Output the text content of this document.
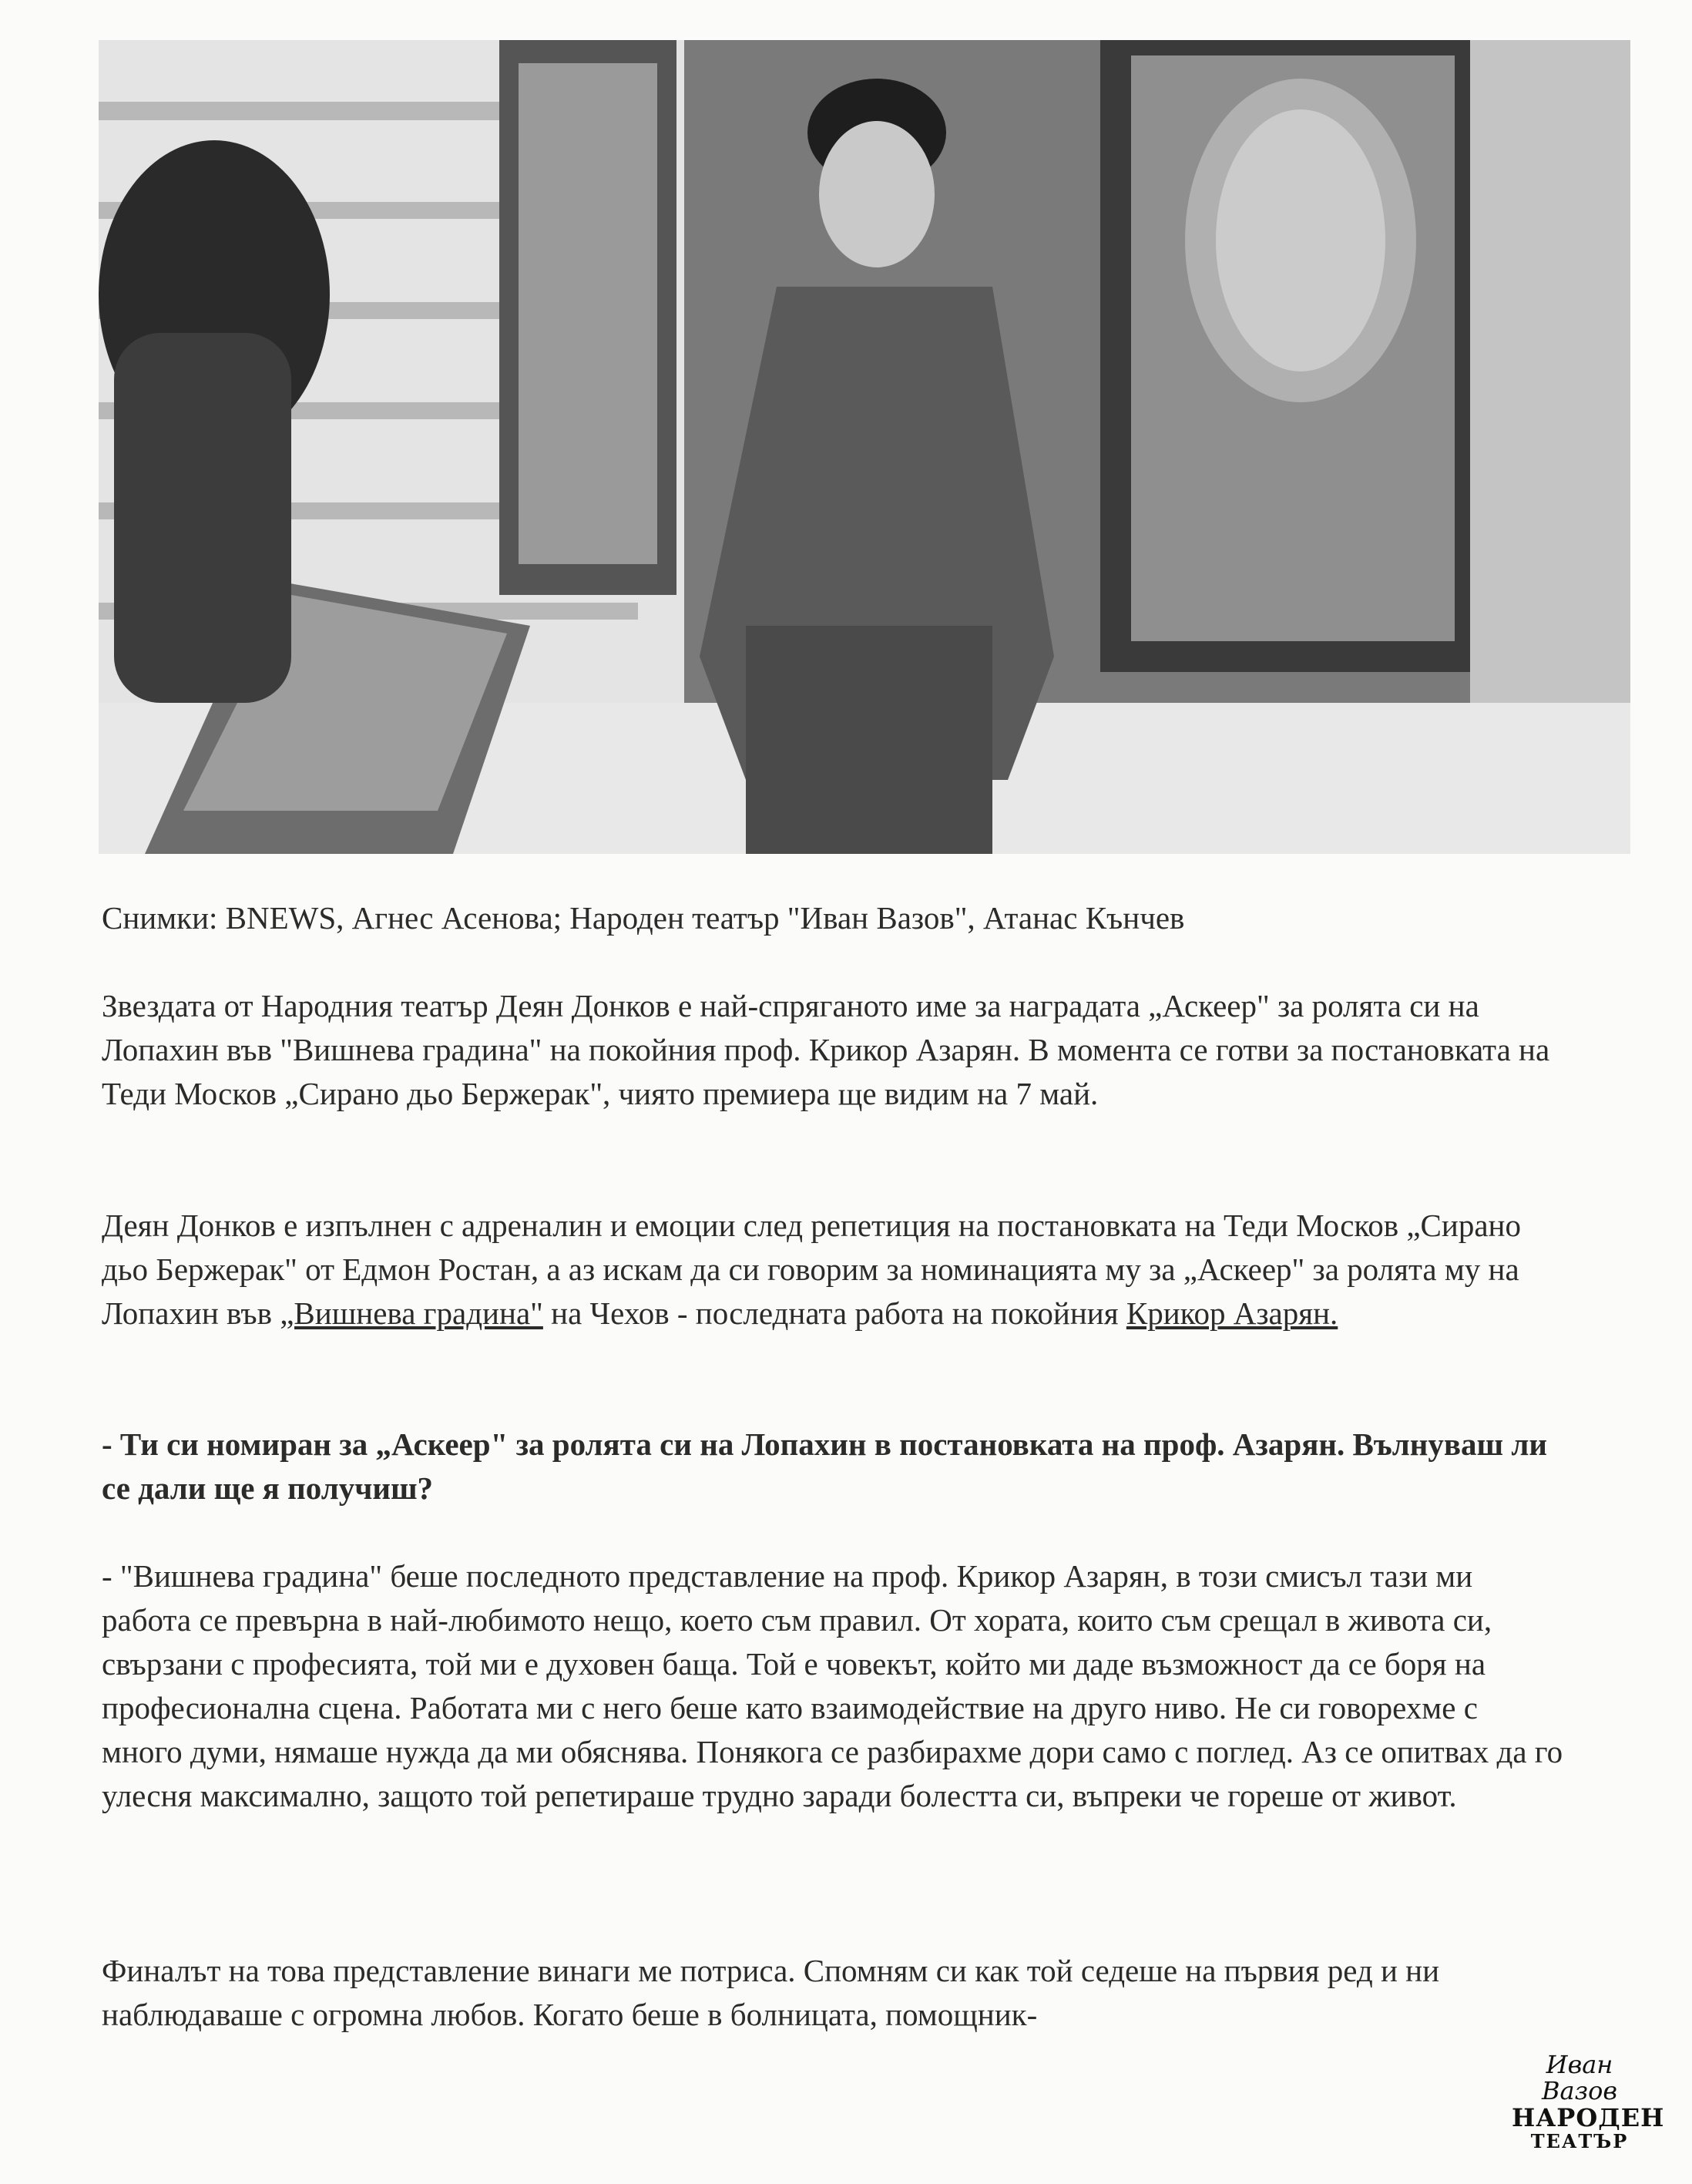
Снимки: BNEWS, Агнес Асенова; Народен театър "Иван Вазов", Атанас Кънчев

Звездата от Народния театър Деян Донков е най-спряганото име за наградата „Аскеер" за ролята си на Лопахин във "Вишнева градина" на покойния проф. Крикор Азарян. В момента се готви за постановката на Теди Москов „Сирано дьо Бержерак", чиято премиера ще видим на 7 май.

Деян Донков е изпълнен с адреналин и емоции след репетиция на постановката на Теди Москов „Сирано дьо Бержерак" от Едмон Ростан, а аз искам да си говорим за номинацията му за „Аскеер" за ролята му на Лопахин във „Вишнева градина" на Чехов - последната работа на покойния Крикор Азарян.

- Ти си номиран за „Аскеер" за ролята си на Лопахин в постановката на проф. Азарян. Вълнуваш ли се дали ще я получиш?

- "Вишнева градина" беше последното представление на проф. Крикор Азарян, в този смисъл тази ми работа се превърна в най-любимото нещо, което съм правил. От хората, които съм срещал в живота си, свързани с професията, той ми е духовен баща. Той е човекът, който ми даде възможност да се боря на професионална сцена. Работата ми с него беше като взаимодействие на друго ниво. Не си говорехме с много думи, нямаше нужда да ми обяснява. Понякога се разбирахме дори само с поглед. Аз се опитвах да го улесня максимално, защото той репетираше трудно заради болестта си, въпреки че гореше от живот.

Финалът на това представление винаги ме потриса. Спомням си как той седеше на първия ред и ни наблюдаваше с огромна любов. Когато беше в болницата, помощник-

Иван Вазов
НАРОДЕН
ТЕАТЪР
